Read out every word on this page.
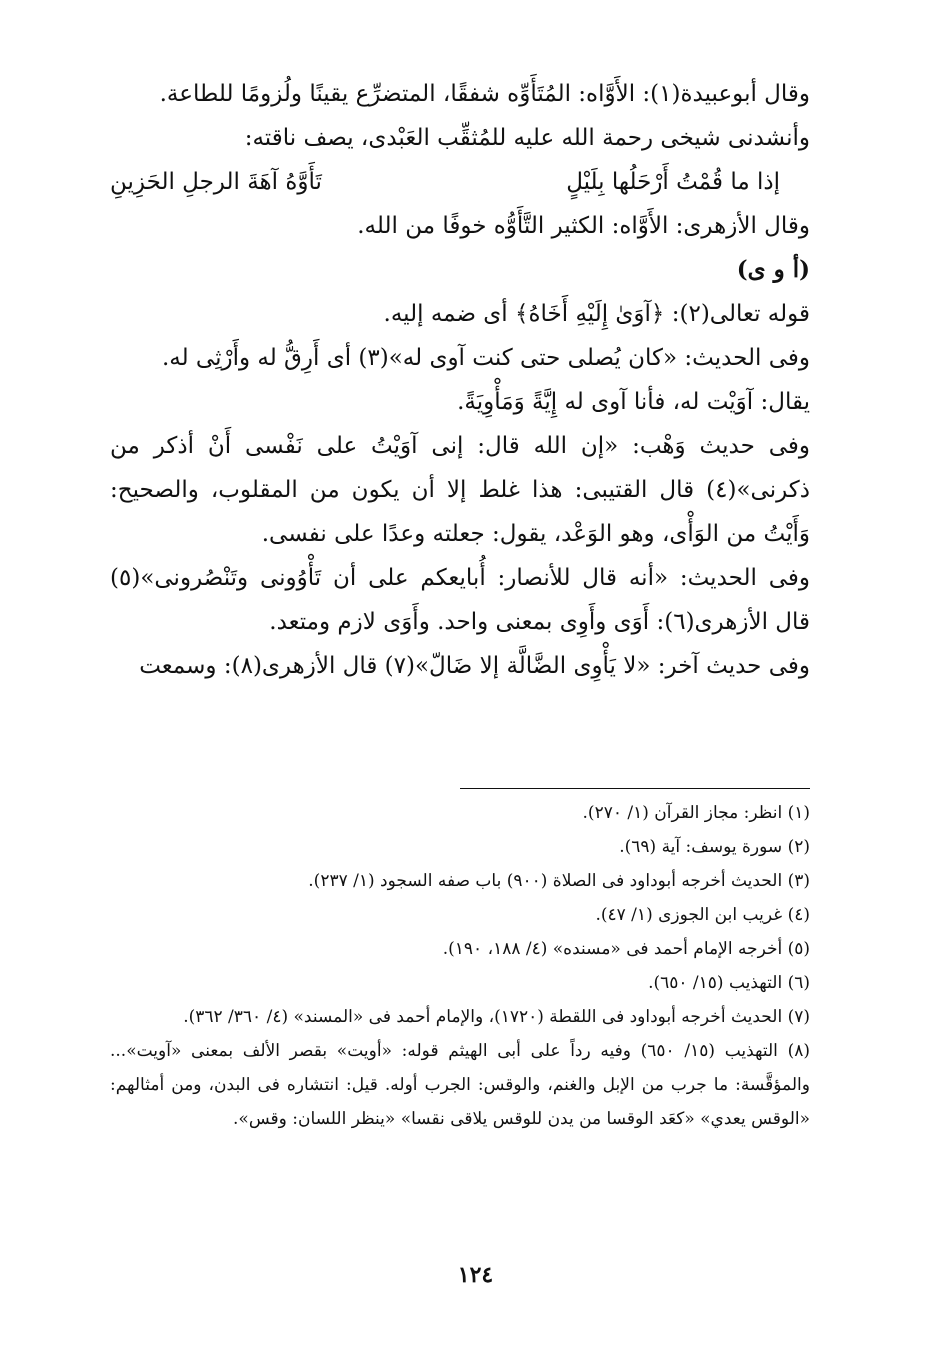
وقال أبوعبيدة(١): الأَوَّاه: المُتَأَوِّه شفقًا، المتضرِّع يقينًا ولُزومًا للطاعة.

وأنشدنى شيخى رحمة الله عليه للمُثقِّب العَبْدى، يصف ناقته:

إذا ما قُمْتُ أَرْحَلُها بِلَيْلٍ
تَأَوَّهُ آهَةَ الرجلِ الحَزِينِ

وقال الأزهرى: الأَوَّاه: الكثير التَّأَوُّه خوفًا من الله.

(أ و ى)

قوله تعالى(٢): ﴿آوَىٰ إِلَيْهِ أَخَاهُ﴾ أى ضمه إليه.

وفى الحديث: «كان يُصلى حتى كنت آوى له»(٣) أى أَرِقُّ له وأَرْثِى له.

يقال: آوَيْت له، فأنا آوى له إِيَّةً وَمَأْوِيَةً.

وفى حديث وَهْب: «إن الله قال: إنى آوَيْتُ على نَفْسى أَنْ أذكر من ذكرنى»(٤) قال القتيبى: هذا غلط إلا أن يكون من المقلوب، والصحيح: وَأَيْتُ من الوَأْى، وهو الوَعْد، يقول: جعلته وعدًا على نفسى.

وفى الحديث: «أنه قال للأنصار: أُبايعكم على أن تَأْوُونى وتَنْصُرونى»(٥) قال الأزهرى(٦): أَوَى وأَوِى بمعنى واحد. وأَوَى لازم ومتعد.

وفى حديث آخر: «لا يَأْوِى الضَّالَّة إلا ضَالّ»(٧) قال الأزهرى(٨): وسمعت

(١) انظر: مجاز القرآن (١/ ٢٧٠).

(٢) سورة يوسف: آية (٦٩).

(٣) الحديث أخرجه أبوداود فى الصلاة (٩٠٠) باب صفه السجود (١/ ٢٣٧).

(٤) غريب ابن الجوزى (١/ ٤٧).

(٥) أخرجه الإمام أحمد فى «مسنده» (٤/ ١٨٨، ١٩٠).

(٦) التهذيب (١٥/ ٦٥٠).

(٧) الحديث أخرجه أبوداود فى اللقطة (١٧٢٠)، والإمام أحمد فى «المسند» (٤/ ٣٦٠/ ٣٦٢).

(٨) التهذيب (١٥/ ٦٥٠) وفيه رداً على أبى الهيثم قوله: «أويت» بقصر الألف بمعنى «آويت»... والمؤقَّسة: ما جرب من الإبل والغنم، والوقس: الجرب أوله. قيل: انتشاره فى البدن، ومن أمثالهم: «الوقس يعدي» «كعَد الوقسا من يدن للوقس يلاقى نقسا» «ينظر اللسان: وقس».

١٢٤
